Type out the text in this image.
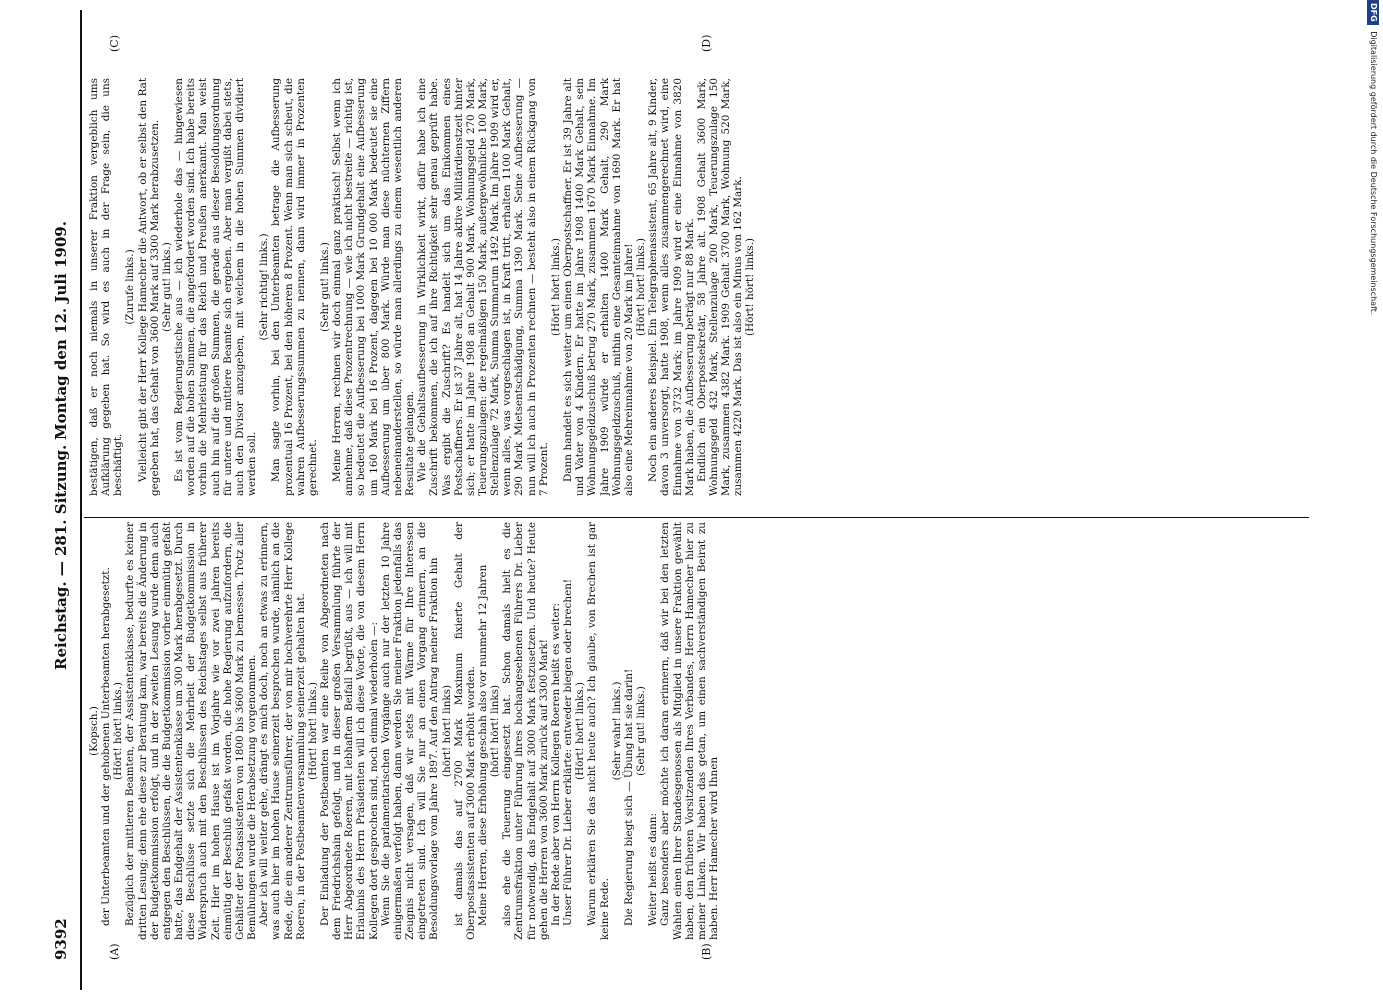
9392
Reichstag. — 281. Sitzung.
Montag den 12. Juli 1909.
(A)	(B)
(C)	(D)

(Kopsch.) der Unterbeamten und der gehobenen Unterbeamten herabgesetzt. (Hört! hört! links.) Bezüglich der mittleren Beamten, der Assistentenklasse, bedurfte es keiner dritten Lesung; denn ehe diese zur Beratung kam, war bereits die Änderung in der Budgetkommission erfolgt, und in der zweiten Lesung wurde denn auch entgegen den Beschlüssen, die die Budgetkommission vorher einmütig gefaßt hatte, das Endgehalt der Assistentenklasse um 300 Mark herabgesetzt. Durch diese Beschlüsse setzte sich die Mehrheit der Budgetkommission in Widerspruch auch mit den Beschlüssen des Reichstages selbst aus früherer Zeit. Hier im hohen Hause ist im Vorjahre wie vor zwei Jahren bereits einmütig der Beschluß gefaßt worden, die hohe Regierung aufzufordern, die Gehälter der Postassistenten von 1800 bis 3600 Mark zu bemessen. Trotz aller Bemühungen wurde die Herabsetzung vorgenommen. Aber ich will weiter gehe, drängt es mich doch, noch an etwas zu erinnern, was auch hier im hohen Hause seinerzeit besprochen wurde, nämlich an die Rede, die ein anderer Zentrumsführer, der von mir hochverehrte Herr Kollege Roeren, in der Postbeamtenversammlung seinerzeit gehalten hat. (Hört! hört! links.) Der Einladung der Postbeamten war eine Reihe von Abgeordneten nach dem Friedrichshain gefolgt, und in dieser großen Versammlung führte der Herr Abgeordnete Roeren, mit lebhaftem Beifall begrüßt, aus — ich will mit Erlaubnis des Herrn Präsidenten will ich diese Worte, die von diesem Herrn Kollegen dort gesprochen sind, noch einmal wiederholen —: Wenn Sie die parlamentarischen Vorgänge auch nur der letzten 10 Jahre einigermaßen verfolgt haben, dann werden Sie meiner Fraktion jedenfalls das Zeugnis nicht versagen, daß wir stets mit Wärme für Ihre Interessen eingetreten sind. Ich will Sie nur an einen Vorgang erinnern, an die Besoldungsvorlage vom Jahre 1897. Auf den Antrag meiner Fraktion hin (hört! hört! links) ist damals das auf 2700 Mark Maximum fixierte Gehalt der Oberpostassistenten auf 3000 Mark erhöht worden. Meine Herren, diese Erhöhung geschah also vor nunmehr 12 Jahren (hört! hört! links) also ehe die Teuerung eingesetzt hat. Schon damals hielt es die Zentrumsfraktion unter Führung ihres hochangesehenen Führers Dr. Lieber für notwendig, das Endgehalt auf 3000 Mark festzusetzen. Und heute? Heute gehen die Herren von 3600 Mark zurück auf 3300 Mark! In der Rede aber von Herrn Kollegen Roeren heißt es weiter: Unser Führer Dr. Lieber erklärte: entweder biegen oder brechen! (Hört! hört! links.) Warum erklären Sie das nicht heute auch? Ich glaube, von Brechen ist gar keine Rede.

(Sehr wahr! links.) Die Regierung biegt sich — Übung hat sie darin! (Sehr gut! links.)

Weiter heißt es dann: Ganz besonders aber möchte ich daran erinnern, daß wir bei den letzten Wahlen einen Ihrer Standesgenossen als Mitglied in unsere Fraktion gewählt haben, den früheren Vorsitzenden Ihres Verbandes, Herrn Hamecher hier zu meiner Linken. Wir haben das getan, um einen sachverständigen Beirat zu haben. Herr Hamecher wird Ihnen

bestätigen, daß er noch niemals in unserer Fraktion vergeblich ums Aufklärung gegeben hat. So wird es auch in der Frage sein, die uns beschäftigt.

(Zurufe links.) Vielleicht gibt der Herr Kollege Hamecher die Antwort, ob er selbst den Rat gegeben hat, das Gehalt von 3600 Mark auf 3300 Mark herabzusetzen. (Sehr gut! links.) Es ist vom Regierungstische aus — ich wiederhole das — hingewiesen worden auf die hohen Summen, die angefordert worden sind. Ich habe bereits vorhin die Mehrleistung für das Reich und Preußen anerkannt. Man weist auch hin auf die großen Summen, die gerade aus dieser Besoldungsordnung für untere und mittlere Beamte sich ergeben. Aber man vergißt dabei stets, auch den Divisor anzugeben, mit welchem in die hohen Summen dividiert werden soll.

(Sehr richtig! links.) Man sagte vorhin, bei den Unterbeamten betrage die Aufbesserung prozentual 16 Prozent, bei den höheren 8 Prozent. Wenn man sich scheut, die wahren Aufbesserungssummen zu nennen, dann wird immer in Prozenten gerechnet.

(Sehr gut! links.) Meine Herren, rechnen wir doch einmal ganz praktisch! Selbst wenn ich annehme, daß diese Prozentrechnung — wie ich nicht bestreite — richtig ist, so bedeutet die Aufbesserung bei 1000 Mark Grundgehalt eine Aufbesserung um 160 Mark bei 16 Prozent, dagegen bei 10 000 Mark bedeutet sie eine Aufbesserung um über 800 Mark. Würde man diese nüchternen Ziffern nebeneinanderstellen, so würde man allerdings zu einem wesentlich anderen Resultate gelangen. Wie die Gehaltsaufbesserung in Wirklichkeit wirkt, dafür habe ich eine Zuschrift bekommen, die ich auf ihre Richtigkeit sehr genau geprüft habe. Was ergibt die Zuschrift? Es handelt sich um das Einkommen eines Postschaffners. Er ist 37 Jahre alt, hat 14 Jahre aktive Militärdienstzeit hinter sich; er hatte im Jahre 1908 an Gehalt 900 Mark, Wohnungsgeld 270 Mark, Teuerungszulagen: die regelmäßigen 150 Mark, außergewöhnliche 100 Mark, Stellenzulage 72 Mark, Summa Summarum 1492 Mark. Im Jahre 1909 wird er, wenn alles, was vorgeschlagen ist, in Kraft tritt, erhalten 1100 Mark Gehalt, 290 Mark Mietsentschädigung, Summa 1390 Mark. Seine Aufbesserung — nun will ich auch in Prozenten rechnen — besteht also in einem Rückgang von 7 Prozent.

(Hört! hört! links.) Dann handelt es sich weiter um einen Oberpostschaffner. Er ist 39 Jahre alt und Vater von 4 Kindern. Er hatte im Jahre 1908 1400 Mark Gehalt, sein Wohnungsgeldzuschuß betrug 270 Mark, zusammen 1670 Mark Einnahme. Im Jahre 1909 würde er erhalten 1400 Mark Gehalt, 290 Mark Wohnungsgeldzuschuß, mithin eine Gesamteinnahme von 1690 Mark. Er hat also eine Mehreinnahme von 20 Mark im Jahre! (Hört! hört! links.) Noch ein anderes Beispiel. Ein Telegraphenassistent, 65 Jahre alt, 9 Kinder, davon 3 unversorgt, hatte 1908, wenn alles zusammengerechnet wird, eine Einnahme von 3732 Mark; im Jahre 1909 wird er eine Einnahme von 3820 Mark haben, die Aufbesserung beträgt nur 88 Mark. Endlich ein Oberpostsekretär, 58 Jahre alt. 1908 Gehalt 3600 Mark, Wohnungsgeld 432 Mark, Stellenzulage 200 Mark, Teuerungszulage 150 Mark, zusammen 4382 Mark. 1909 Gehalt 3700 Mark, Wohnung 520 Mark, zusammen 4220 Mark. Das ist also ein Minus von 162 Mark. (Hört! hört! links.)

DFG Digitalisierung gefördert durch die Deutsche Forschungsgemeinschaft.
